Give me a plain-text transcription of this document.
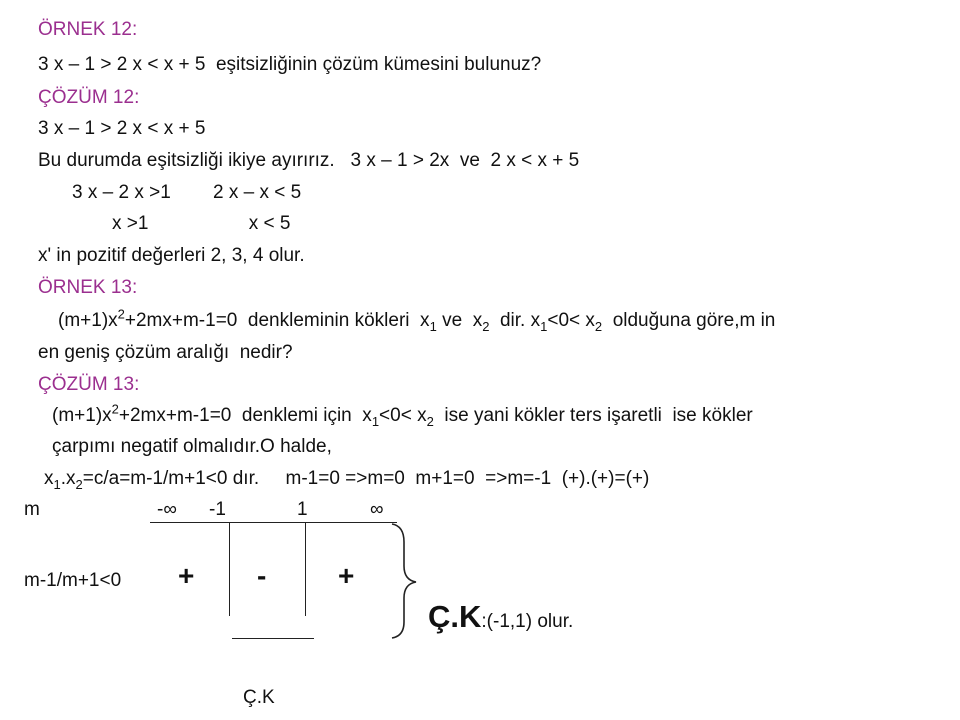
ÖRNEK 12:
3 x – 1 > 2 x < x + 5  eşitsizliğinin çözüm kümesini bulunuz?
ÇÖZÜM 12:
3 x – 1 > 2 x < x + 5
Bu durumda eşitsizliği ikiye ayırırız.   3 x – 1 > 2x  ve  2 x < x + 5
3 x – 2 x >1        2 x – x < 5
x >1                   x < 5
x' in pozitif değerleri 2, 3, 4 olur.
ÖRNEK 13:
$(m+1)x^2+2mx+m-1=0$  denkleminin kökleri  $x_1$ ve  $x_2$  dir. $x_1<0< x_2$  olduğuna göre,m in
en geniş çözüm aralığı  nedir?
ÇÖZÜM 13:
$(m+1)x^2+2mx+m-1=0$  denklemi için  $x_1<0< x_2$  ise yani kökler ters işaretli  ise kökler
çarpımı negatif olmalıdır.O halde,
$x_1.x_2=c/a=m-1/m+1<0$ dır.     m-1=0 =>m=0  m+1=0  =>m=-1  (+).(+)=(+)
m	-∞ -1	1	∞
m-1/m+1<0 + -	+
Ç.K:(-1,1) olur.
Ç.K
